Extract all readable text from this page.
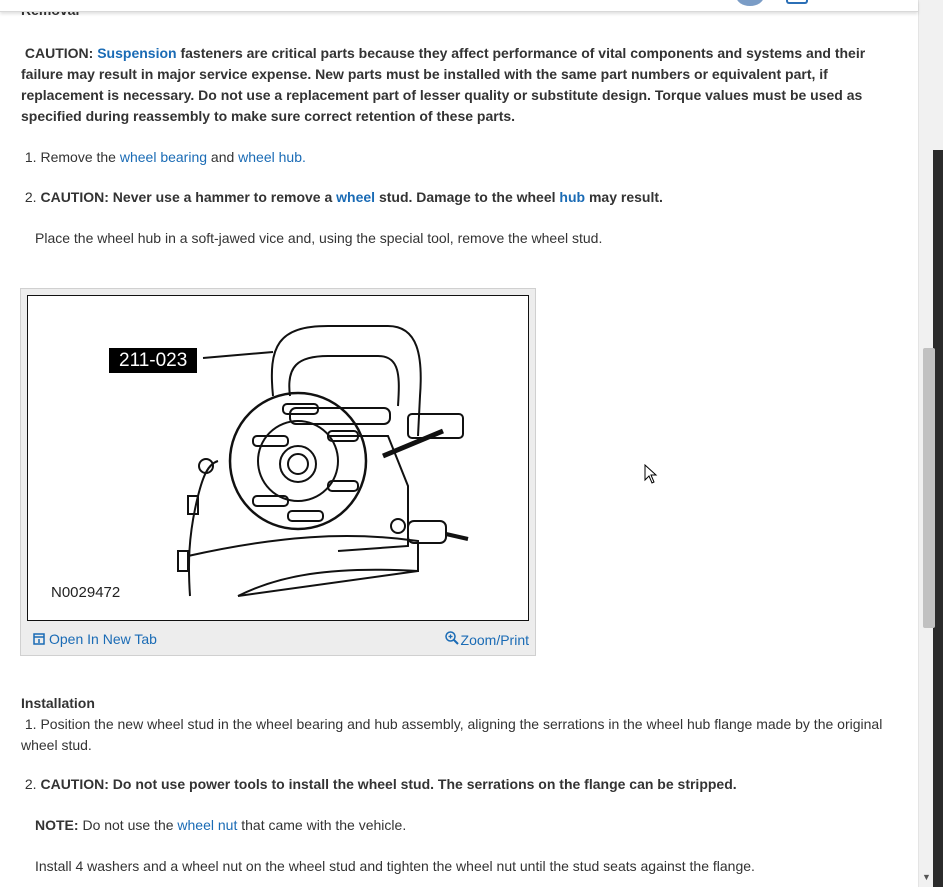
CAUTION: Suspension fasteners are critical parts because they affect performance of vital components and systems and their failure may result in major service expense. New parts must be installed with the same part numbers or equivalent part, if replacement is necessary. Do not use a replacement part of lesser quality or substitute design. Torque values must be used as specified during reassembly to make sure correct retention of these parts.
1. Remove the wheel bearing and wheel hub.
2. CAUTION: Never use a hammer to remove a wheel stud. Damage to the wheel hub may result.
Place the wheel hub in a soft-jawed vice and, using the special tool, remove the wheel stud.
211-023
N0029472
Open In New Tab	Zoom/Print
Installation
1. Position the new wheel stud in the wheel bearing and hub assembly, aligning the serrations in the wheel hub flange made by the original wheel stud.
2. CAUTION: Do not use power tools to install the wheel stud. The serrations on the flange can be stripped.
NOTE: Do not use the wheel nut that came with the vehicle.
Install 4 washers and a wheel nut on the wheel stud and tighten the wheel nut until the stud seats against the flange.
▼
